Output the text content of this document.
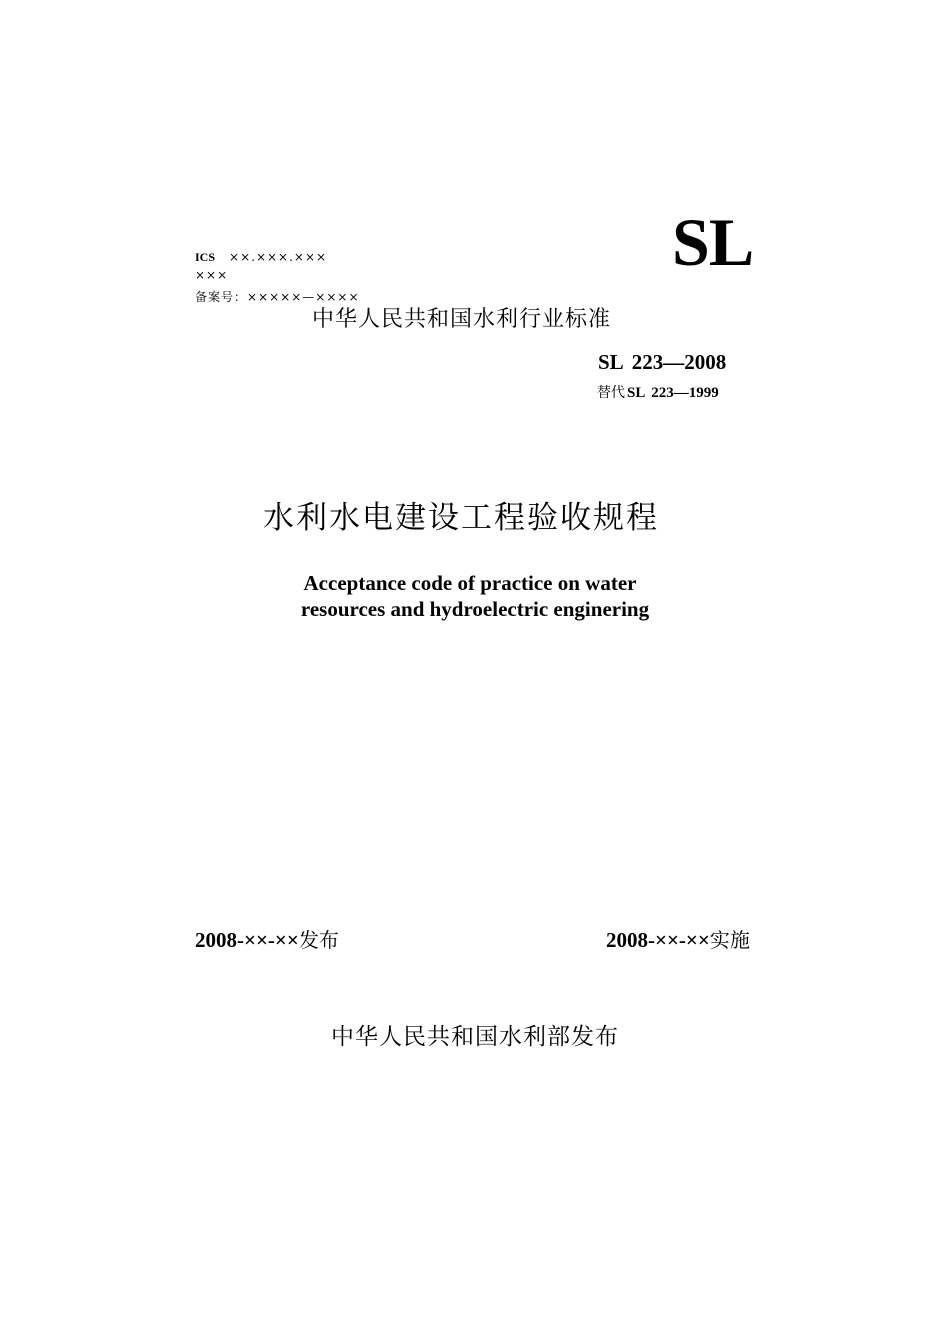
ICS ××.×××.×××
×××
备案号：×××××—××××
SL
中华人民共和国水利行业标准
SL 223—2008
替代 SL 223—1999
水利水电建设工程验收规程
Acceptance code of practice on water
resources and hydroelectric enginering
2008-××-××发布	2008-××-××实施
中华人民共和国水利部发布
